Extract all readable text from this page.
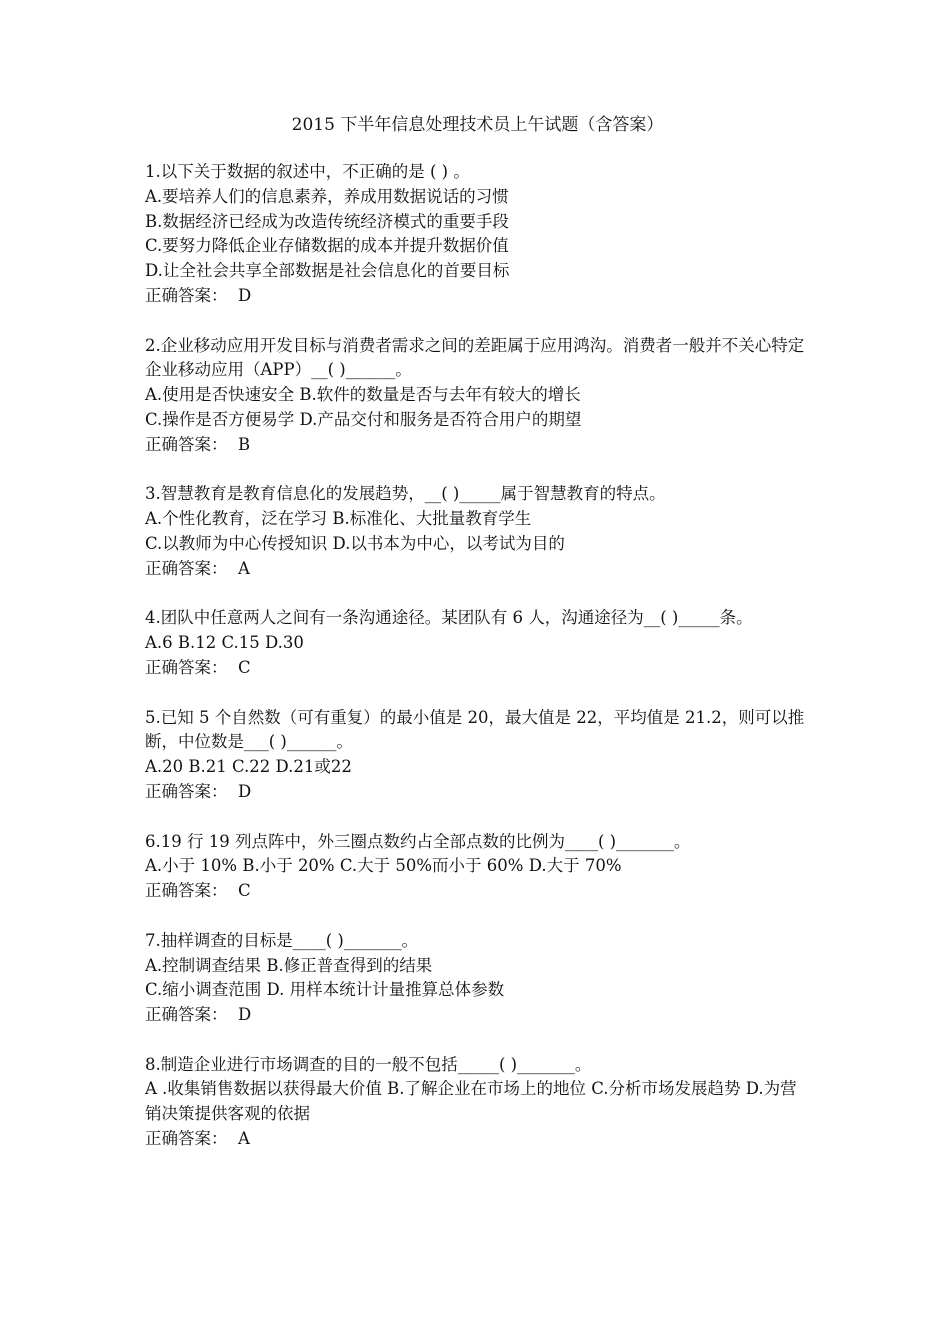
2015 下半年信息处理技术员上午试题（含答案）
1.以下关于数据的叙述中，不正确的是 ( ) 。
A.要培养人们的信息素养，养成用数据说话的习惯
B.数据经济已经成为改造传统经济模式的重要手段
C.要努力降低企业存储数据的成本并提升数据价值
D.让全社会共享全部数据是社会信息化的首要目标
正确答案： D
2.企业移动应用开发目标与消费者需求之间的差距属于应用鸿沟。消费者一般并不关心特定企业移动应用（APP）__( )______。
A.使用是否快速安全 B.软件的数量是否与去年有较大的增长
C.操作是否方便易学 D.产品交付和服务是否符合用户的期望
正确答案： B
3.智慧教育是教育信息化的发展趋势，__( )_____属于智慧教育的特点。
A.个性化教育，泛在学习 B.标准化、大批量教育学生
C.以教师为中心传授知识 D.以书本为中心，以考试为目的
正确答案： A
4.团队中任意两人之间有一条沟通途径。某团队有 6 人，沟通途径为__( )_____条。
A.6 B.12 C.15 D.30
正确答案： C
5.已知 5 个自然数（可有重复）的最小值是 20，最大值是 22，平均值是 21.2，则可以推断，中位数是___( )______。
A.20 B.21 C.22 D.21或22
正确答案： D
6.19 行 19 列点阵中，外三圈点数约占全部点数的比例为____( )_______。
A.小于 10% B.小于 20% C.大于 50%而小于 60% D.大于 70%
正确答案： C
7.抽样调查的目标是____( )_______。
A.控制调查结果 B.修正普查得到的结果
C.缩小调查范围 D. 用样本统计计量推算总体参数
正确答案： D
8.制造企业进行市场调查的目的一般不包括_____( )_______。
A .收集销售数据以获得最大价值 B.了解企业在市场上的地位 C.分析市场发展趋势 D.为营销决策提供客观的依据
正确答案： A
